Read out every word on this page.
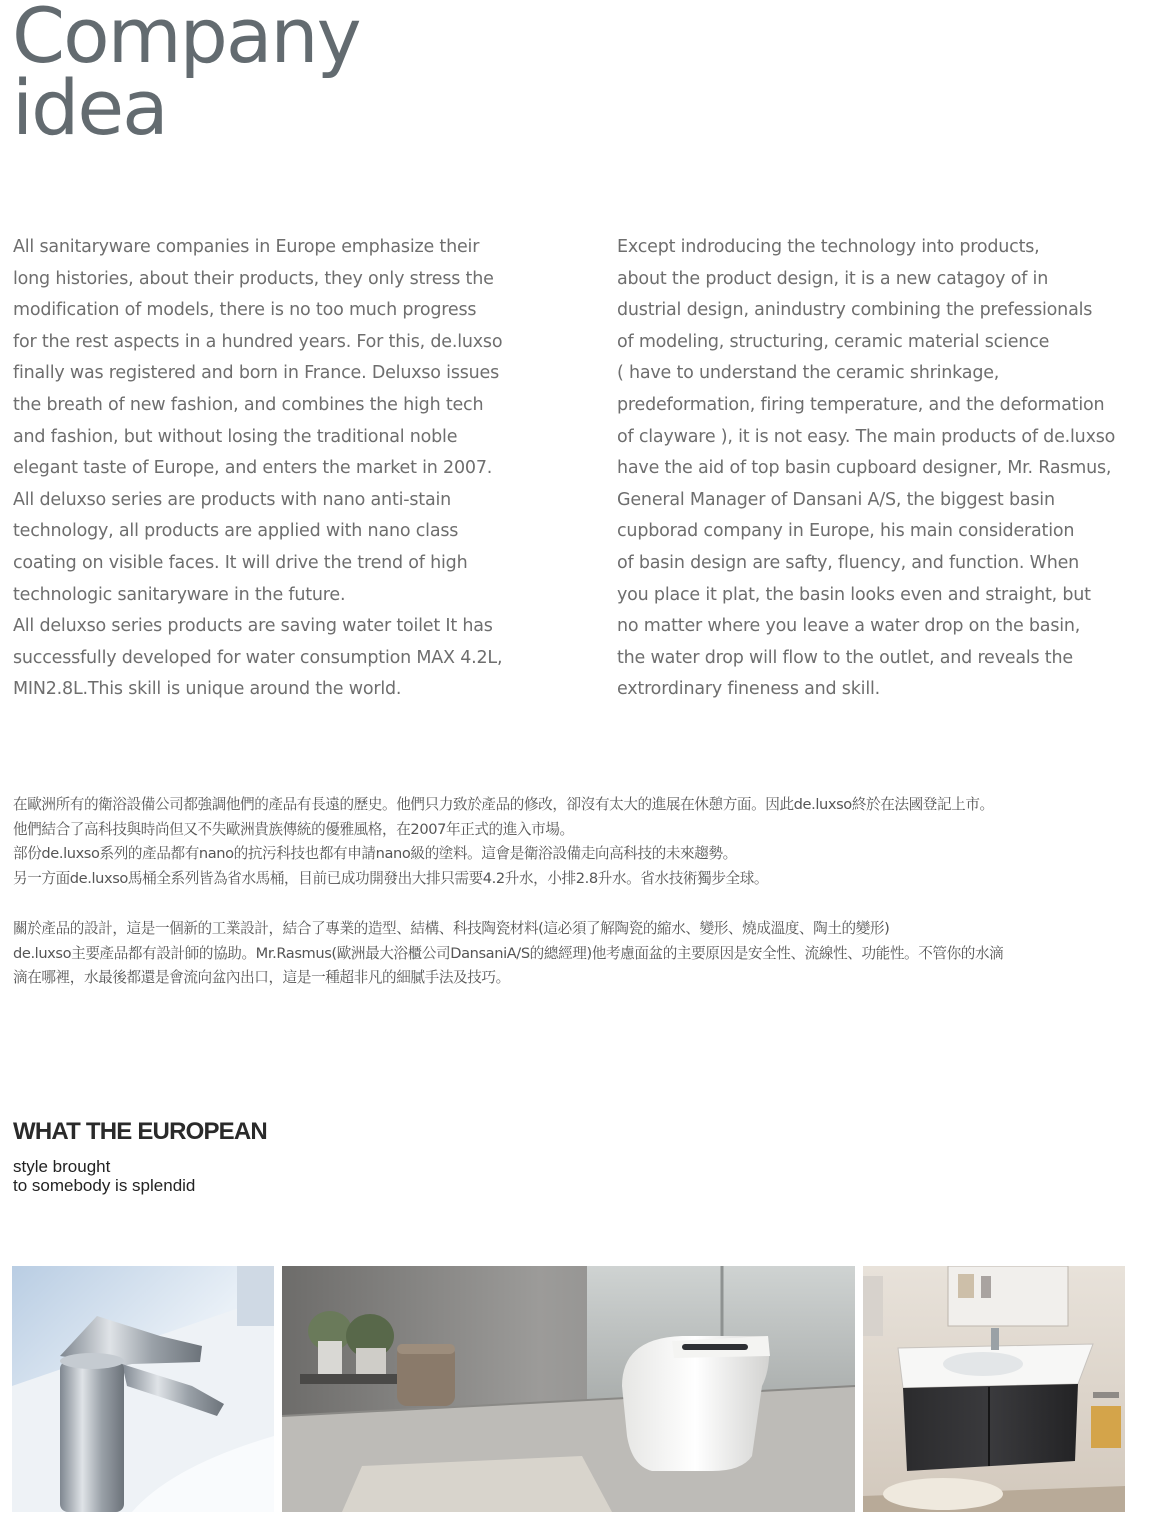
Company
idea

All sanitaryware companies in Europe emphasize their

long histories, about their products, they only stress the

modification of models, there is no too much progress

for the rest aspects in a hundred years. For this, de.luxso

finally was registered and born in France. Deluxso issues

the breath of new fashion, and combines the high tech

and fashion, but without losing the traditional noble

elegant taste of Europe, and enters the market in 2007.

All deluxso series are products with nano anti-stain

technology, all products are applied with nano class

coating on visible faces. It will drive the trend of high

technologic sanitaryware in the future.

All deluxso series products are saving water toilet It has

successfully developed for water consumption MAX 4.2L,

MIN2.8L.This skill is unique around the world.

Except indroducing the technology into products,

about the product design, it is a new catagoy of in

dustrial design, anindustry combining the prefessionals

of modeling, structuring, ceramic material science

( have to understand the ceramic shrinkage,

predeformation, firing temperature, and the deformation

of clayware ), it is not easy. The main products of de.luxso

have the aid of top basin cupboard designer, Mr. Rasmus,

General Manager of Dansani A/S, the biggest basin

cupborad company in Europe, his main consideration

of basin design are safty, fluency, and function. When

you place it plat, the basin looks even and straight, but

no matter where you leave a water drop on the basin,

the water drop will flow to the outlet, and reveals the

extrordinary fineness and skill.

在歐洲所有的衛浴設備公司都強調他們的產品有長遠的歷史。他們只力致於產品的修改，卻沒有太大的進展在休憩方面。因此de.luxso終於在法國登記上市。

他們結合了高科技與時尚但又不失歐洲貴族傳統的優雅風格，在2007年正式的進入市場。

部份de.luxso系列的產品都有nano的抗污科技也都有申請nano級的塗料。這會是衛浴設備走向高科技的未來趨勢。

另一方面de.luxso馬桶全系列皆為省水馬桶，目前已成功開發出大排只需要4.2升水，小排2.8升水。省水技術獨步全球。

關於產品的設計，這是一個新的工業設計，結合了專業的造型、結構、科技陶瓷材料(這必須了解陶瓷的縮水、變形、燒成溫度、陶土的變形)

de.luxso主要產品都有設計師的協助。Mr.Rasmus(歐洲最大浴櫃公司DansaniA/S的總經理)他考慮面盆的主要原因是安全性、流線性、功能性。不管你的水滴

滴在哪裡，水最後都還是會流向盆內出口，這是一種超非凡的細膩手法及技巧。

WHAT THE EUROPEAN
style brought
to somebody is splendid
